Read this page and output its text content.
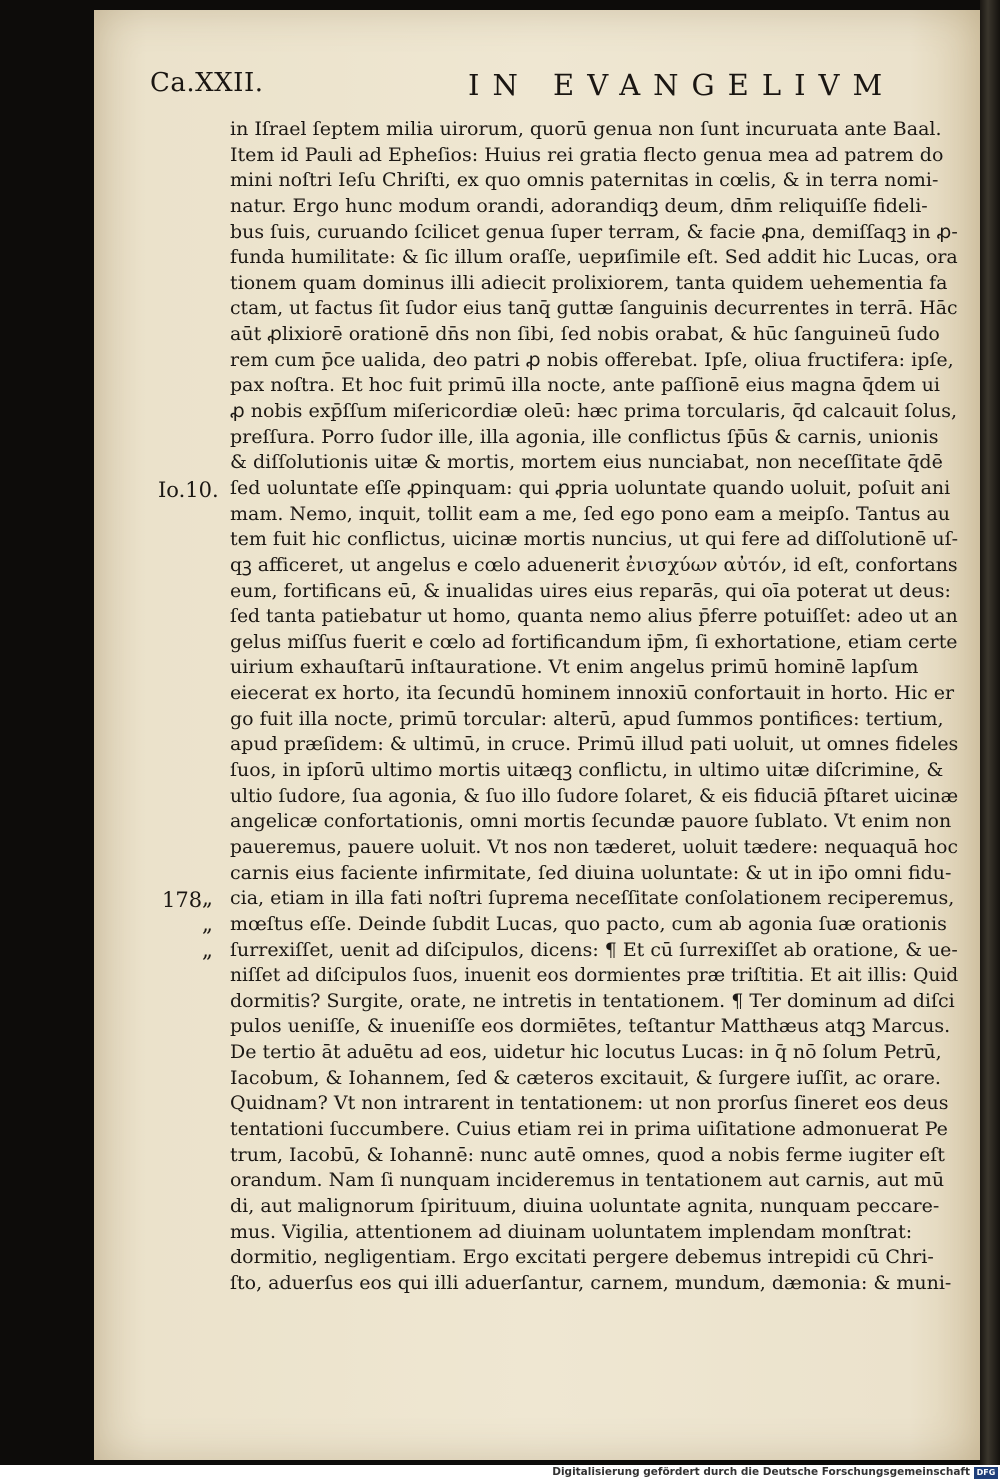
Ca.XXII.	IN EVANGELIVM
Io.10.
178 „
„
„
in Iſrael ſeptem milia uirorum, quorū genua non ſunt incuruata ante Baal.
Item id Pauli ad Epheſios: Huius rei gratia flecto genua mea ad patrem do
mini noſtri Ieſu Chriſti, ex quo omnis paternitas in cœlis, & in terra nomi-
natur. Ergo hunc modum orandi, adorandiqꝫ deum, dn̄m reliquiſſe fideli-
bus ſuis, curuando ſcilicet genua ſuper terram, & facie ꝓna, demiſſaqꝫ in ꝓ-
funda humilitate: & ſic illum oraſſe, uериſimile eſt. Sed addit hic Lucas, ora
tionem quam dominus illi adiecit prolixiorem, tanta quidem uehementia fa
ctam, ut factus ſit ſudor eius tanq̄ guttæ ſanguinis decurrentes in terrā. Hāc
aūt ꝓlixiorē orationē dn̄s non ſibi, ſed nobis orabat, & hūc ſanguineū ſudo
rem cum p̄ce ualida, deo patri ꝓ nobis offerebat. Ipſe, oliua fructifera: ipſe,
pax noſtra. Et hoc fuit primū illa nocte, ante paſſionē eius magna q̄dem ui
ꝓ nobis exp̄ſſum miſericordiæ oleū: hæc prima torcularis, q̄d calcauit ſolus,
preſſura. Porro ſudor ille, illa agonia, ille conflictus ſp̄ūs & carnis, unionis
& diſſolutionis uitæ & mortis, mortem eius nunciabat, non neceſſitate q̄dē
ſed uoluntate eſſe ꝓpinquam: qui ꝓpria uoluntate quando uoluit, poſuit ani
mam. Nemo, inquit, tollit eam a me, ſed ego pono eam a meipſo. Tantus au
tem fuit hic conflictus, uicinæ mortis nuncius, ut qui fere ad diſſolutionē uſ-
qꝫ afficeret, ut angelus e cœlo aduenerit ἐνισχύων αὐτόν, id eſt, confortans
eum, fortificans eū, & inualidas uires eius reparās, qui oīa poterat ut deus:
ſed tanta patiebatur ut homo, quanta nemo alius p̄ferre potuiſſet: adeo ut an
gelus miſſus fuerit e cœlo ad fortificandum ip̄m, ſi exhortatione, etiam certe
uirium exhauſtarū inſtauratione. Vt enim angelus primū hominē lapſum
eiecerat ex horto, ita ſecundū hominem innoxiū confortauit in horto. Hic er
go fuit illa nocte, primū torcular: alterū, apud ſummos pontifices: tertium,
apud præſidem: & ultimū, in cruce. Primū illud pati uoluit, ut omnes fideles
ſuos, in ipſorū ultimo mortis uitæqꝫ conflictu, in ultimo uitæ diſcrimine, &
ultio ſudore, ſua agonia, & ſuo illo ſudore ſolaret, & eis fiduciā p̄ſtaret uicinæ
angelicæ confortationis, omni mortis ſecundæ pauore ſublato. Vt enim non
paueremus, pauere uoluit. Vt nos non tæderet, uoluit tædere: nequaquā hoc
carnis eius faciente infirmitate, ſed diuina uoluntate: & ut in ip̄o omni fidu-
cia, etiam in illa fati noſtri ſuprema neceſſitate conſolationem reciperemus,
mœſtus eſſe. Deinde ſubdit Lucas, quo pacto, cum ab agonia ſuæ orationis
ſurrexiſſet, uenit ad diſcipulos, dicens: ¶ Et cū ſurrexiſſet ab oratione, & ue-
niſſet ad diſcipulos ſuos, inuenit eos dormientes præ triſtitia. Et ait illis: Quid
dormitis? Surgite, orate, ne intretis in tentationem. ¶ Ter dominum ad diſci
pulos ueniſſe, & inueniſſe eos dormiētes, teſtantur Matthæus atqꝫ Marcus.
De tertio āt aduētu ad eos, uidetur hic locutus Lucas: in q̄ nō ſolum Petrū,
Iacobum, & Iohannem, ſed & cæteros excitauit, & ſurgere iuſſit, ac orare.
Quidnam? Vt non intrarent in tentationem: ut non prorſus ſineret eos deus
tentationi ſuccumbere. Cuius etiam rei in prima uiſitatione admonuerat Pe
trum, Iacobū, & Iohannē: nunc autē omnes, quod a nobis ferme iugiter eſt
orandum. Nam ſi nunquam incideremus in tentationem aut carnis, aut mū
di, aut malignorum ſpirituum, diuina uoluntate agnita, nunquam peccare-
mus. Vigilia, attentionem ad diuinam uoluntatem implendam monſtrat:
dormitio, negligentiam. Ergo excitati pergere debemus intrepidi cū Chri-
ſto, aduerſus eos qui illi aduerſantur, carnem, mundum, dæmonia: & muni-
Digitalisierung gefördert durch die Deutsche Forschungsgemeinschaft DFG
